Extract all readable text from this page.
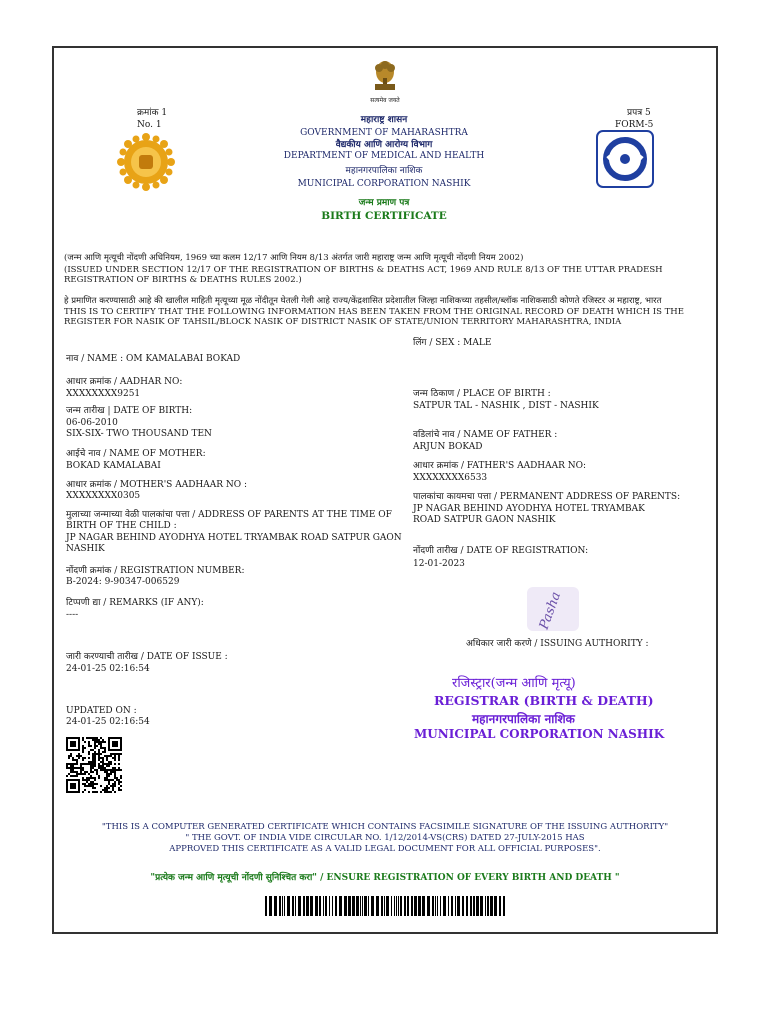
सत्यमेव जयते
क्रमांक 1
No. 1
प्रपत्र 5
FORM-5
महाराष्ट्र शासन
GOVERNMENT OF MAHARASHTRA
वैद्यकीय आणि आरोग्य विभाग
DEPARTMENT OF MEDICAL AND HEALTH
महानगरपालिका नाशिक
MUNICIPAL CORPORATION NASHIK
जन्म प्रमाण पत्र
BIRTH CERTIFICATE
(जन्म आणि मृत्यूची नोंदणी अधिनियम, 1969 च्या कलम 12/17 आणि नियम 8/13 अंतर्गत जारी महाराष्ट्र जन्म आणि मृत्यूची नोंदणी नियम 2002)
(ISSUED UNDER SECTION 12/17 OF THE REGISTRATION OF BIRTHS & DEATHS ACT, 1969 AND RULE 8/13 OF THE UTTAR PRADESH REGISTRATION OF BIRTHS & DEATHS RULES 2002.)
हे प्रमाणित करण्यासाठी आहे की खालील माहिती मृत्यूच्या मूळ नोंदीतून घेतली गेली आहे राज्य/केंद्रशासित प्रदेशातील जिल्हा नाशिकच्या तहसील/ब्लॉक नाशिकसाठी कोणते रजिस्टर अ महाराष्ट्र, भारत
THIS IS TO CERTIFY THAT THE FOLLOWING INFORMATION HAS BEEN TAKEN FROM THE ORIGINAL RECORD OF DEATH WHICH IS THE REGISTER FOR NASIK OF TAHSIL/BLOCK NASIK OF DISTRICT NASIK OF STATE/UNION TERRITORY MAHARASHTRA, INDIA
नाव / NAME : OM KAMALABAI BOKAD
आधार क्रमांक / AADHAR NO:
XXXXXXXX9251
जन्म तारीख | DATE OF BIRTH:
06-06-2010
SIX-SIX- TWO THOUSAND TEN
आईचे नाव / NAME OF MOTHER:
BOKAD KAMALABAI
आधार क्रमांक / MOTHER'S AADHAAR NO :
XXXXXXXX0305
मुलाच्या जन्माच्या वेळी पालकांचा पत्ता / ADDRESS OF PARENTS AT THE TIME OF BIRTH OF THE CHILD :
JP NAGAR BEHIND AYODHYA HOTEL TRYAMBAK ROAD SATPUR GAON NASHIK
नोंदणी क्रमांक / REGISTRATION NUMBER:
B-2024: 9-90347-006529
टिप्पणी द्या / REMARKS (IF ANY):
----
जारी करण्याची तारीख / DATE OF ISSUE :
24-01-25 02:16:54
UPDATED ON :
24-01-25 02:16:54
लिंग / SEX : MALE
जन्म ठिकाण / PLACE OF BIRTH :
SATPUR TAL - NASHIK , DIST - NASHIK
वडिलांचे नाव / NAME OF FATHER :
ARJUN BOKAD
आधार क्रमांक / FATHER'S AADHAAR NO:
XXXXXXXX6533
पालकांचा कायमचा पत्ता / PERMANENT ADDRESS OF PARENTS:
JP NAGAR BEHIND AYODHYA HOTEL TRYAMBAK ROAD SATPUR GAON NASHIK
नोंदणी तारीख / DATE OF REGISTRATION:
12-01-2023
Pasha
अधिकार जारी करणे / ISSUING AUTHORITY :
रजिस्ट्रार(जन्म आणि मृत्यू)
REGISTRAR (BIRTH & DEATH)
महानगरपालिका नाशिक
MUNICIPAL CORPORATION NASHIK
"THIS IS A COMPUTER GENERATED CERTIFICATE WHICH CONTAINS FACSIMILE SIGNATURE OF THE ISSUING AUTHORITY"
" THE GOVT. OF INDIA VIDE CIRCULAR NO. 1/12/2014-VS(CRS) DATED 27-JULY-2015 HAS
APPROVED THIS CERTIFICATE AS A VALID LEGAL DOCUMENT FOR ALL OFFICIAL PURPOSES".
"प्रत्येक जन्म आणि मृत्यूची नोंदणी सुनिश्चित करा" / ENSURE REGISTRATION OF EVERY BIRTH AND DEATH "
